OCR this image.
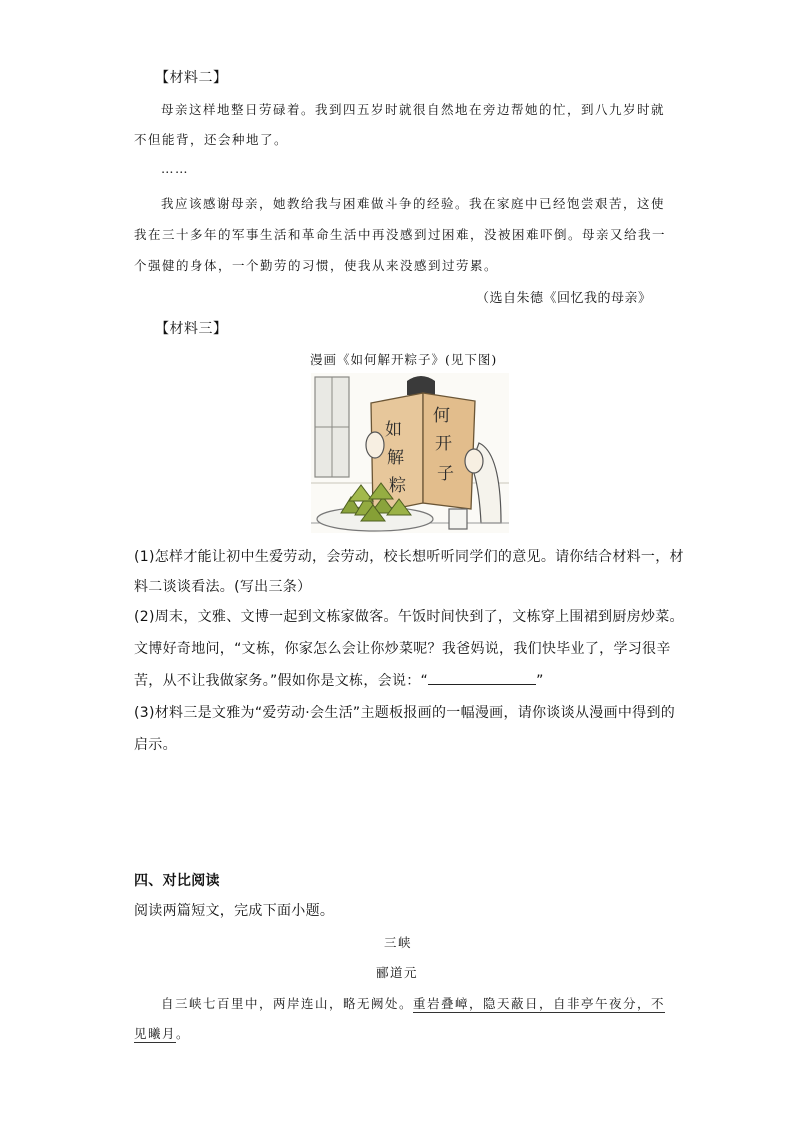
【材料二】
母亲这样地整日劳碌着。我到四五岁时就很自然地在旁边帮她的忙，到八九岁时就
不但能背，还会种地了。
……
我应该感谢母亲，她教给我与困难做斗争的经验。我在家庭中已经饱尝艰苦，这使
我在三十多年的军事生活和革命生活中再没感到过困难，没被困难吓倒。母亲又给我一
个强健的身体，一个勤劳的习惯，使我从来没感到过劳累。
（选自朱德《回忆我的母亲》
【材料三】
漫画《如何解开粽子》(见下图)
如
何
解
开
粽
子
(1)怎样才能让初中生爱劳动，会劳动，校长想听听同学们的意见。请你结合材料一，材
料二谈谈看法。(写出三条）
(2)周末，文雅、文博一起到文栋家做客。午饭时间快到了，文栋穿上围裙到厨房炒菜。
文博好奇地问，“文栋，你家怎么会让你炒菜呢？我爸妈说，我们快毕业了，学习很辛
苦，从不让我做家务。”假如你是文栋，会说：“	”
(3)材料三是文雅为“爱劳动·会生活”主题板报画的一幅漫画，请你谈谈从漫画中得到的
启示。
四、对比阅读
阅读两篇短文，完成下面小题。
三峡
郦道元
自三峡七百里中，两岸连山，略无阙处。重岩叠嶂，隐天蔽日，自非亭午夜分，不
见曦月。
